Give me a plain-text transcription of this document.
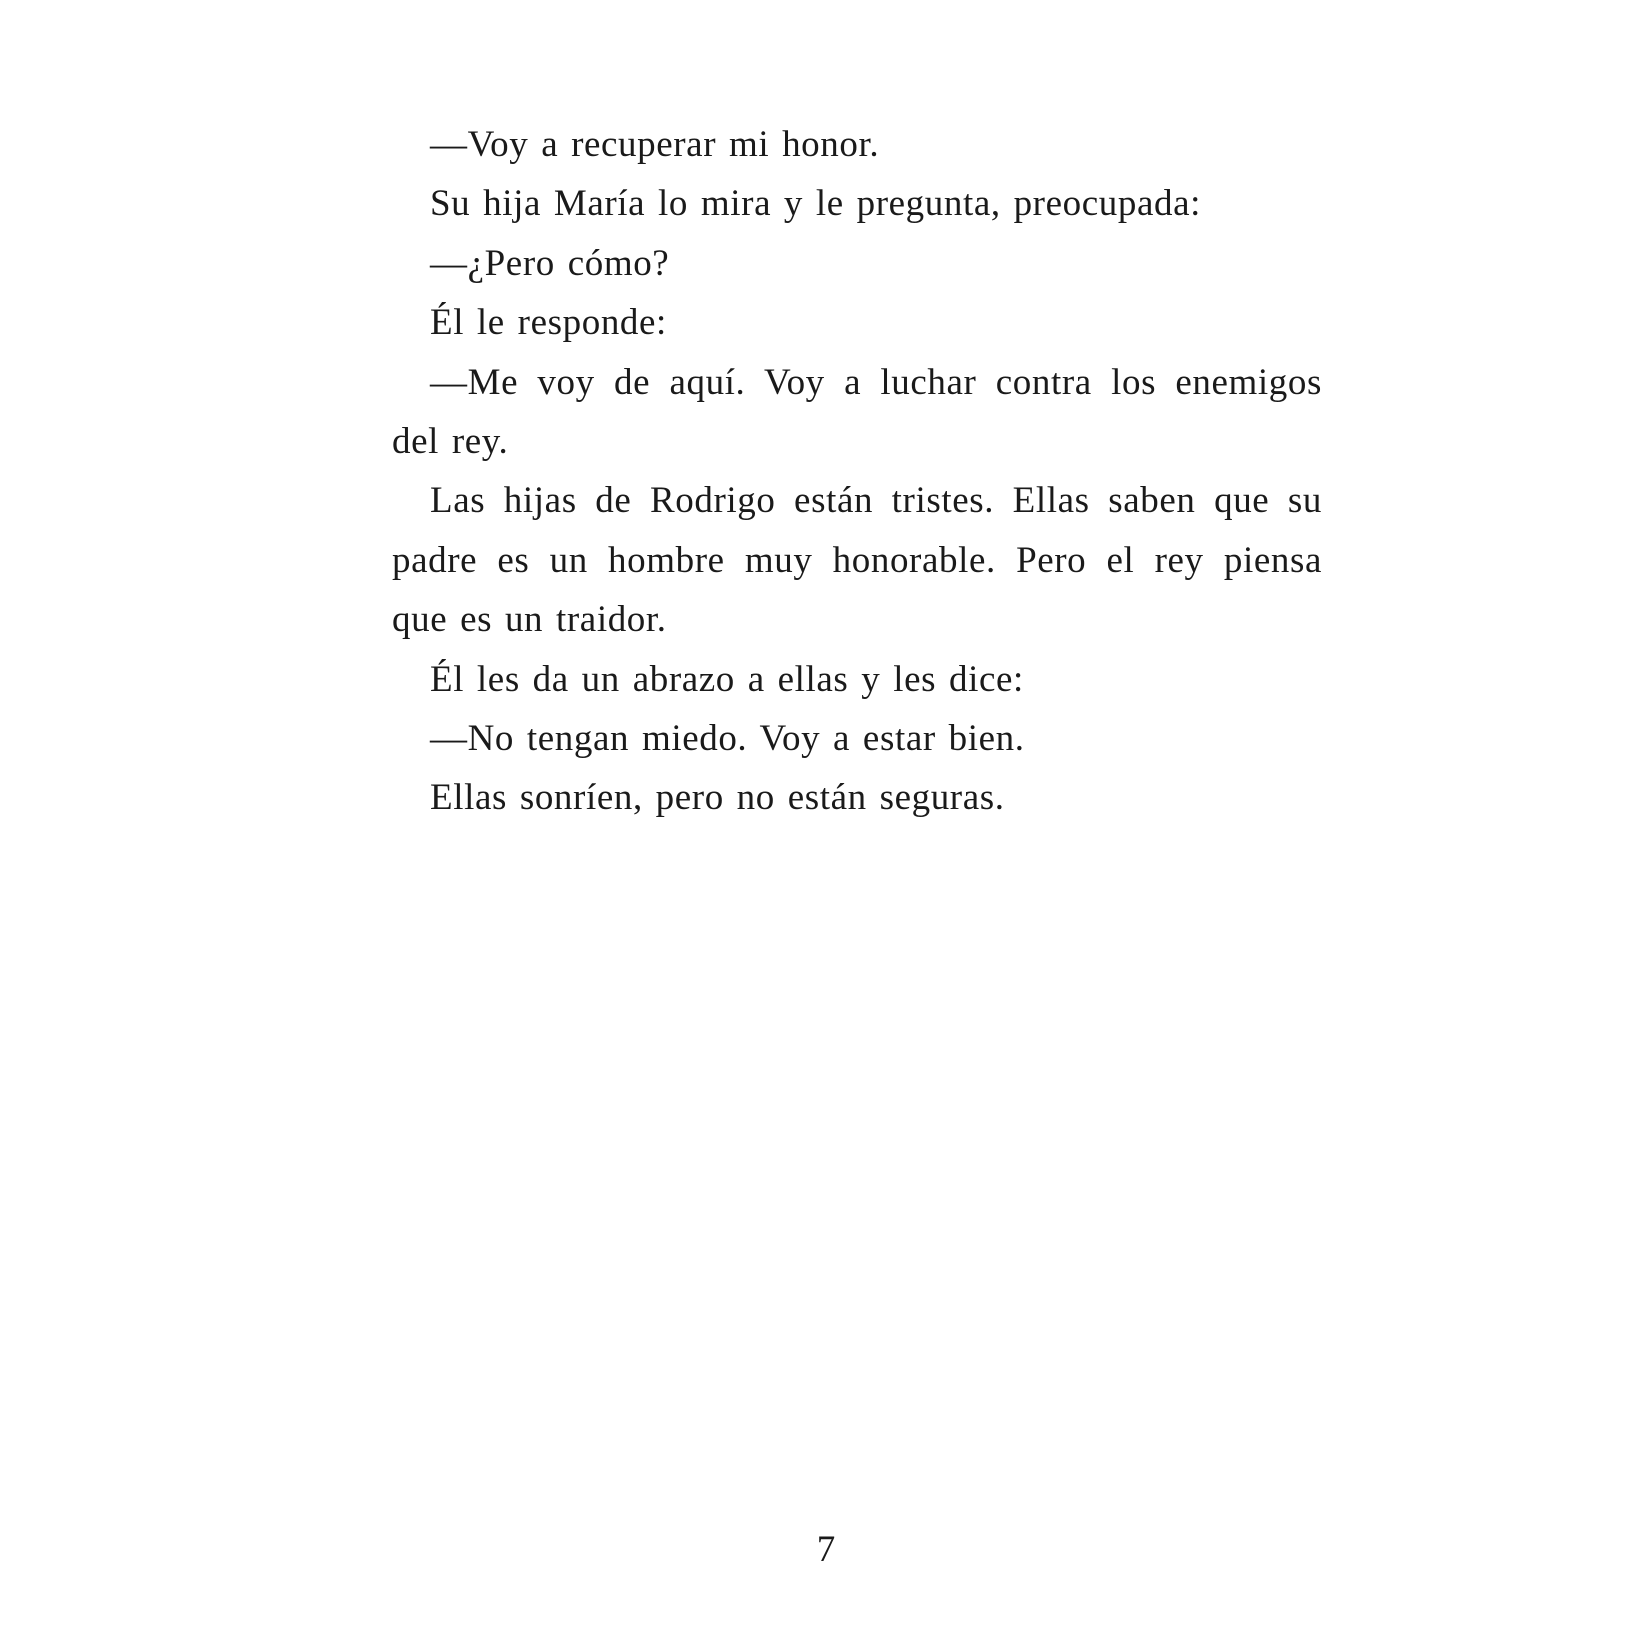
—Voy a recuperar mi honor.

Su hija María lo mira y le pregunta, preocupada:

—¿Pero cómo?

Él le responde:

—Me voy de aquí. Voy a luchar contra los enemigos del rey.

Las hijas de Rodrigo están tristes. Ellas saben que su padre es un hombre muy honorable. Pero el rey piensa que es un traidor.

Él les da un abrazo a ellas y les dice:

—No tengan miedo. Voy a estar bien.

Ellas sonríen, pero no están seguras.

7
